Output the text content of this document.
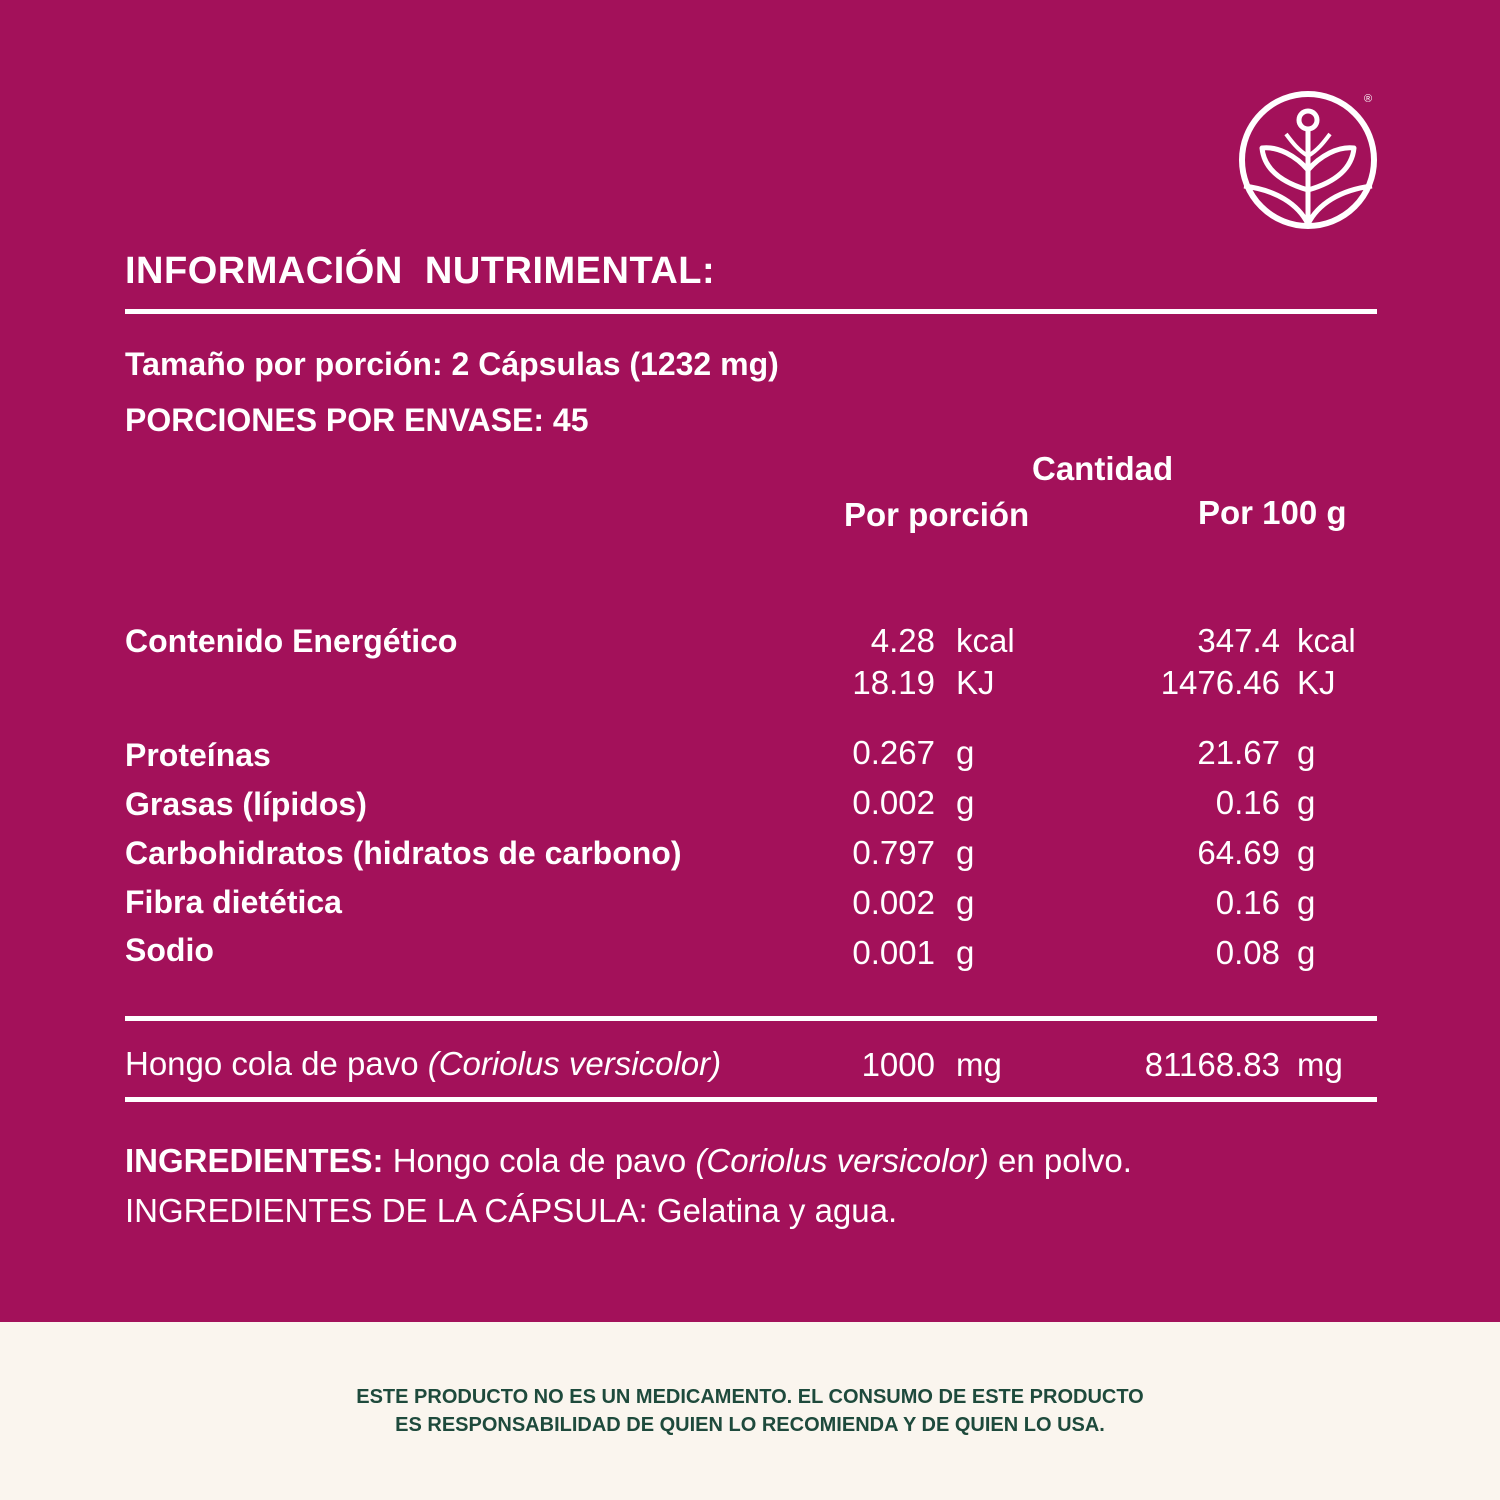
®
INFORMACIÓN  NUTRIMENTAL:
Tamaño por porción: 2 Cápsulas (1232 mg)
PORCIONES POR ENVASE: 45
Cantidad
Por porción	Por 100 g
Contenido Energético	4.28 kcal	347.4 kcal
18.19 KJ	1476.46 KJ
Proteínas	0.267 g	21.67 g
Grasas (lípidos)	0.002 g	0.16 g
Carbohidratos (hidratos de carbono)	0.797 g	64.69 g
Fibra dietética	0.002 g	0.16 g
Sodio	0.001 g	0.08 g
Hongo cola de pavo (Coriolus versicolor)	1000 mg	81168.83 mg
INGREDIENTES: Hongo cola de pavo (Coriolus versicolor) en polvo. INGREDIENTES DE LA CÁPSULA: Gelatina y agua.
ESTE PRODUCTO NO ES UN MEDICAMENTO. EL CONSUMO DE ESTE PRODUCTO
ES RESPONSABILIDAD DE QUIEN LO RECOMIENDA Y DE QUIEN LO USA.
